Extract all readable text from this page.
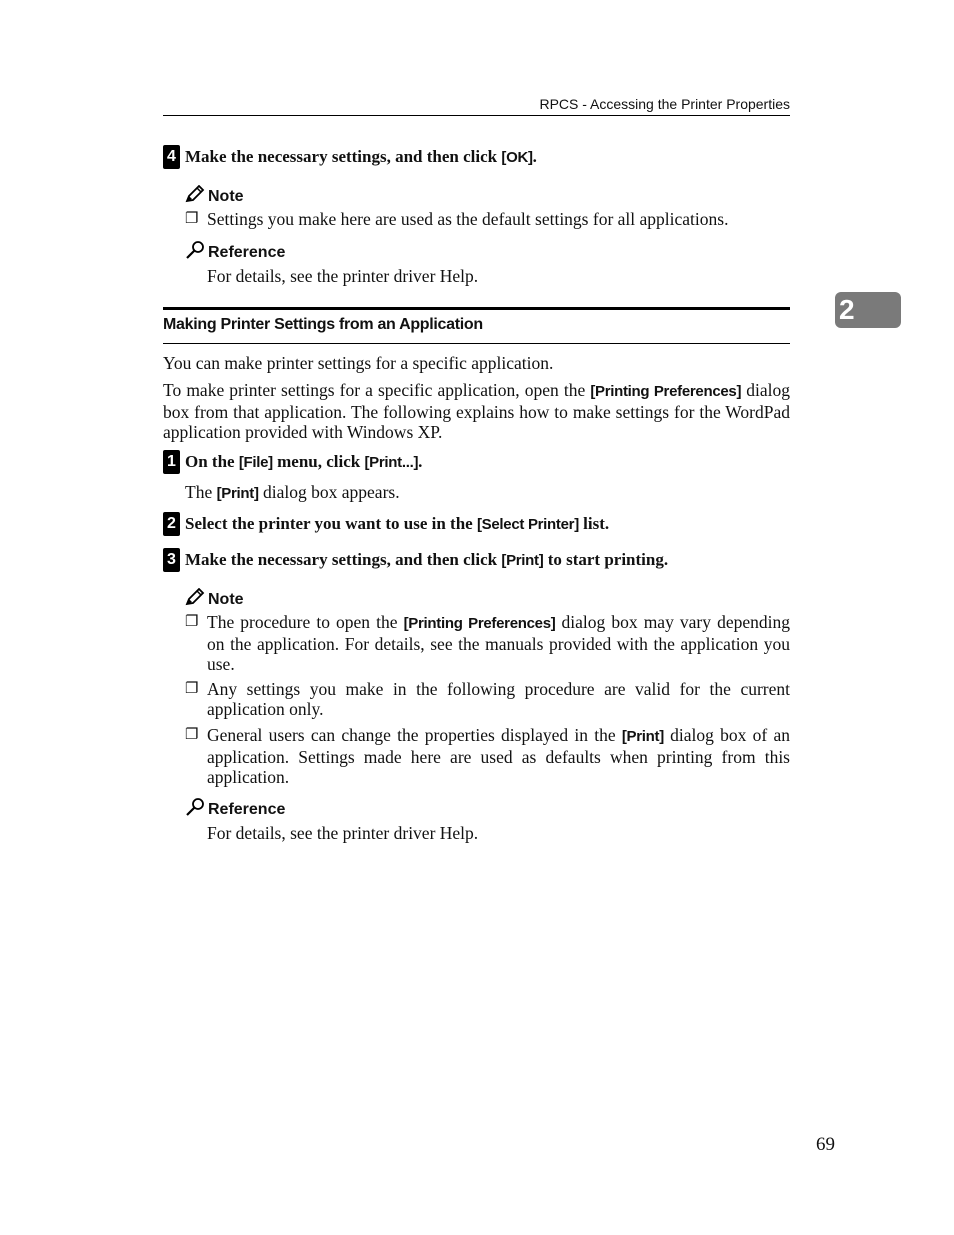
RPCS - Accessing the Printer Properties
2
4 Make the necessary settings, and then click [OK].
Note
❐ Settings you make here are used as the default settings for all applications.
Reference
For details, see the printer driver Help.
Making Printer Settings from an Application
You can make printer settings for a specific application.
To make printer settings for a specific application, open the [Printing Preferences] dialog box from that application. The following explains how to make settings for the WordPad application provided with Windows XP.
1 On the [File] menu, click [Print...].
The [Print] dialog box appears.
2 Select the printer you want to use in the [Select Printer] list.
3 Make the necessary settings, and then click [Print] to start printing.
Note
❐ The procedure to open the [Printing Preferences] dialog box may vary depending on the application. For details, see the manuals provided with the application you use.
❐ Any settings you make in the following procedure are valid for the current application only.
❐ General users can change the properties displayed in the [Print] dialog box of an application. Settings made here are used as defaults when printing from this application.
Reference
For details, see the printer driver Help.
69
